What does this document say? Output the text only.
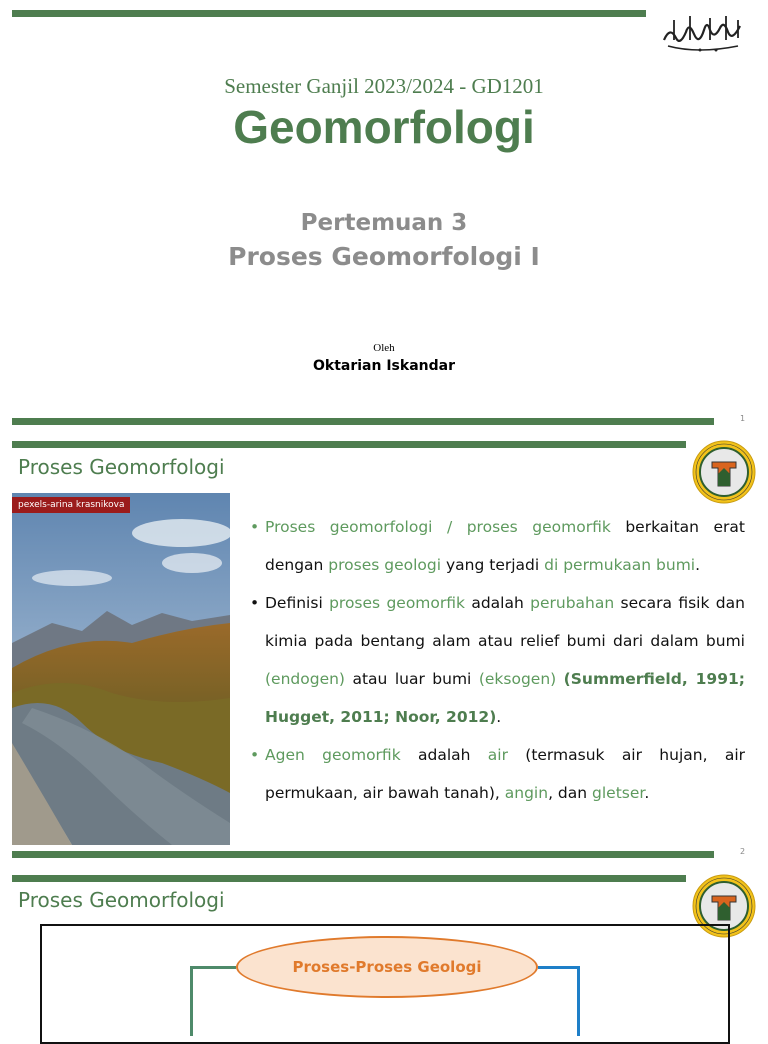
Semester Ganjil 2023/2024 - GD1201
Geomorfologi
Pertemuan 3
Proses Geomorfologi I
Oleh
Oktarian Iskandar
1
Proses Geomorfologi
pexels-arina krasnikova

• Proses geomorfologi / proses geomorfik berkaitan erat dengan proses geologi yang terjadi di permukaan bumi.

• Definisi proses geomorfik adalah perubahan secara fisik dan kimia pada bentang alam atau relief bumi dari dalam bumi (endogen) atau luar bumi (eksogen) (Summerfield, 1991; Hugget, 2011; Noor, 2012).

• Agen geomorfik adalah air (termasuk air hujan, air permukaan, air bawah tanah), angin, dan gletser.

2
Proses Geomorfologi
Proses-Proses Geologi
